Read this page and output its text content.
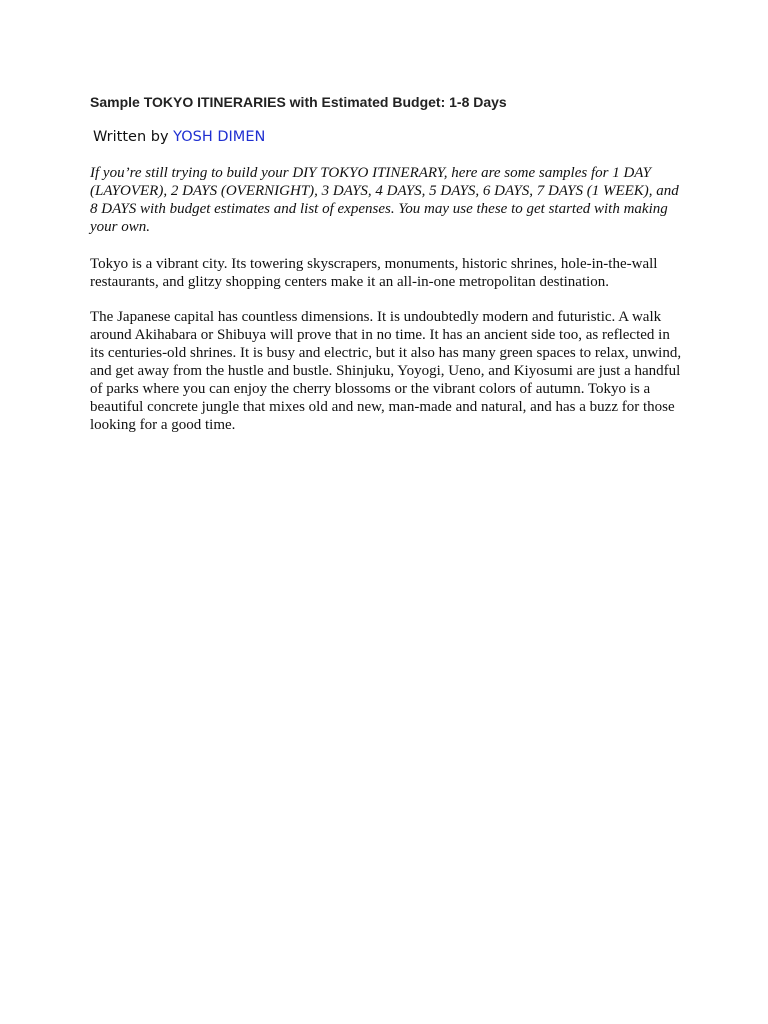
Sample TOKYO ITINERARIES with Estimated Budget: 1-8 Days
Written by YOSH DIMEN

If you’re still trying to build your DIY TOKYO ITINERARY, here are some samples for 1 DAY (LAYOVER), 2 DAYS (OVERNIGHT), 3 DAYS, 4 DAYS, 5 DAYS, 6 DAYS, 7 DAYS (1 WEEK), and 8 DAYS with budget estimates and list of expenses. You may use these to get started with making your own.

Tokyo is a vibrant city. Its towering skyscrapers, monuments, historic shrines, hole-in-the-wall restaurants, and glitzy shopping centers make it an all-in-one metropolitan destination.

The Japanese capital has countless dimensions. It is undoubtedly modern and futuristic. A walk around Akihabara or Shibuya will prove that in no time. It has an ancient side too, as reflected in its centuries-old shrines. It is busy and electric, but it also has many green spaces to relax, unwind, and get away from the hustle and bustle. Shinjuku, Yoyogi, Ueno, and Kiyosumi are just a handful of parks where you can enjoy the cherry blossoms or the vibrant colors of autumn. Tokyo is a beautiful concrete jungle that mixes old and new, man-made and natural, and has a buzz for those looking for a good time.
